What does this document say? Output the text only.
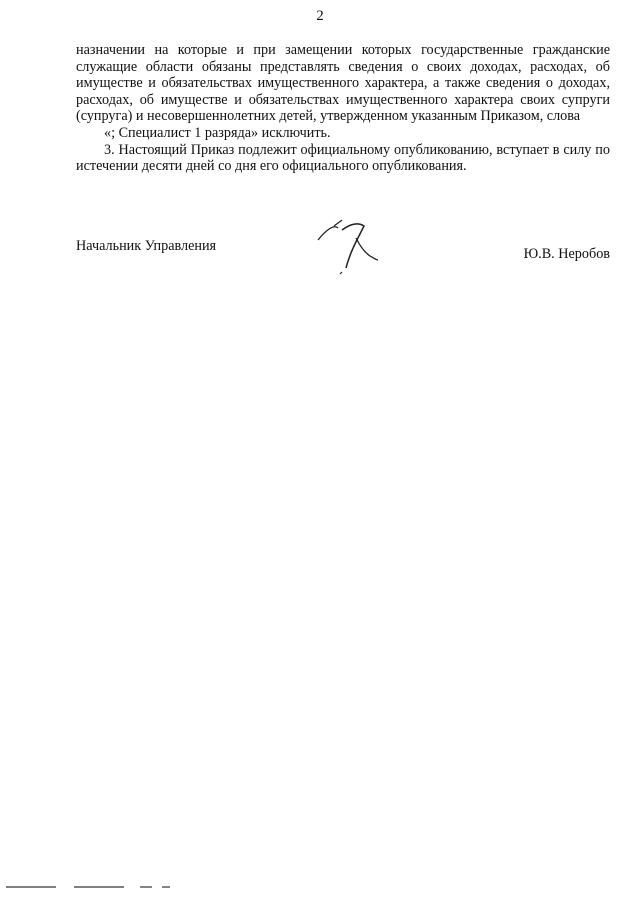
2

назначении на которые и при замещении которых государственные гражданские служащие области обязаны представлять сведения о своих доходах, расходах, об имуществе и обязательствах имущественного характера, а также сведения о доходах, расходах, об имуществе и обязательствах имущественного характера своих супруги (супруга) и несовершеннолетних детей, утвержденном указанным Приказом, слова

«; Специалист 1 разряда» исключить.

3. Настоящий Приказ подлежит официальному опубликованию, вступает в силу по истечении десяти дней со дня его официального опубликования.

Начальник Управления	Ю.В. Неробов
